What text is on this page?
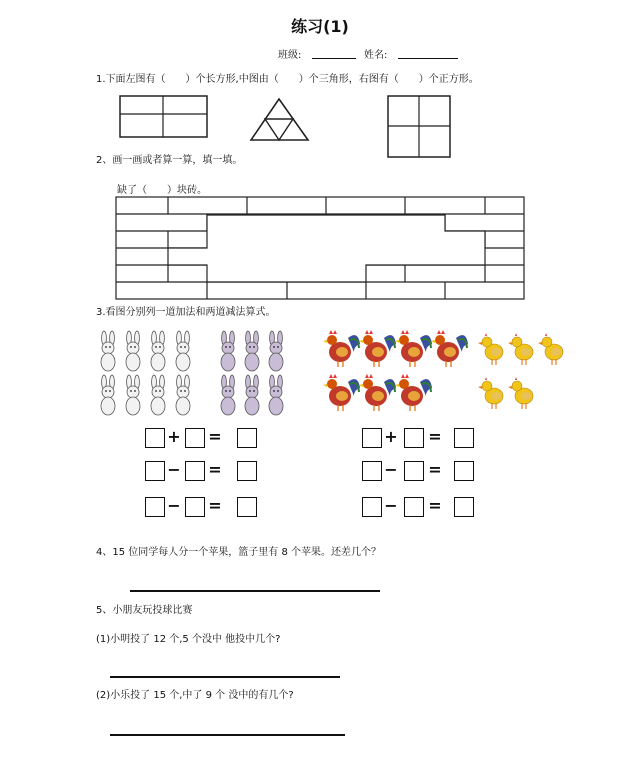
练习(1)
班级:	姓名:
1.下面左图有（　　）个长方形,中图由（　　）个三角形，右图有（　　）个正方形。
2、画一画或者算一算，填一填。
缺了（　　）块砖。
3.看图分别列一道加法和两道减法算式。
+ =
− =
− =
+ =
− =
− =
4、15 位同学每人分一个苹果，篮子里有 8 个苹果。还差几个？
5、小朋友玩投球比赛
(1)小明投了 12 个,5 个没中 他投中几个?
(2)小乐投了 15 个,中了 9 个 没中的有几个?
